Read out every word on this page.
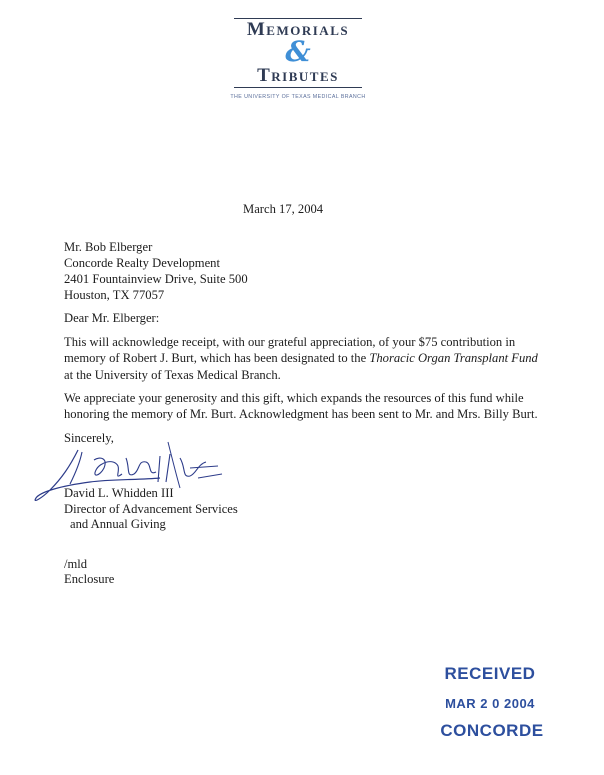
Memorials
&
Tributes
THE UNIVERSITY OF TEXAS MEDICAL BRANCH
March 17, 2004
Mr. Bob Elberger
Concorde Realty Development
2401 Fountainview Drive, Suite 500
Houston, TX 77057
Dear Mr. Elberger:
This will acknowledge receipt, with our grateful appreciation, of your $75 contribution in memory of Robert J. Burt, which has been designated to the Thoracic Organ Transplant Fund at the University of Texas Medical Branch.
We appreciate your generosity and this gift, which expands the resources of this fund while honoring the memory of Mr. Burt. Acknowledgment has been sent to Mr. and Mrs. Billy Burt.
Sincerely,
David L. Whidden III
Director of Advancement Services
and Annual Giving
/mld
Enclosure
RECEIVED
MAR 2 0 2004
CONCORDE
